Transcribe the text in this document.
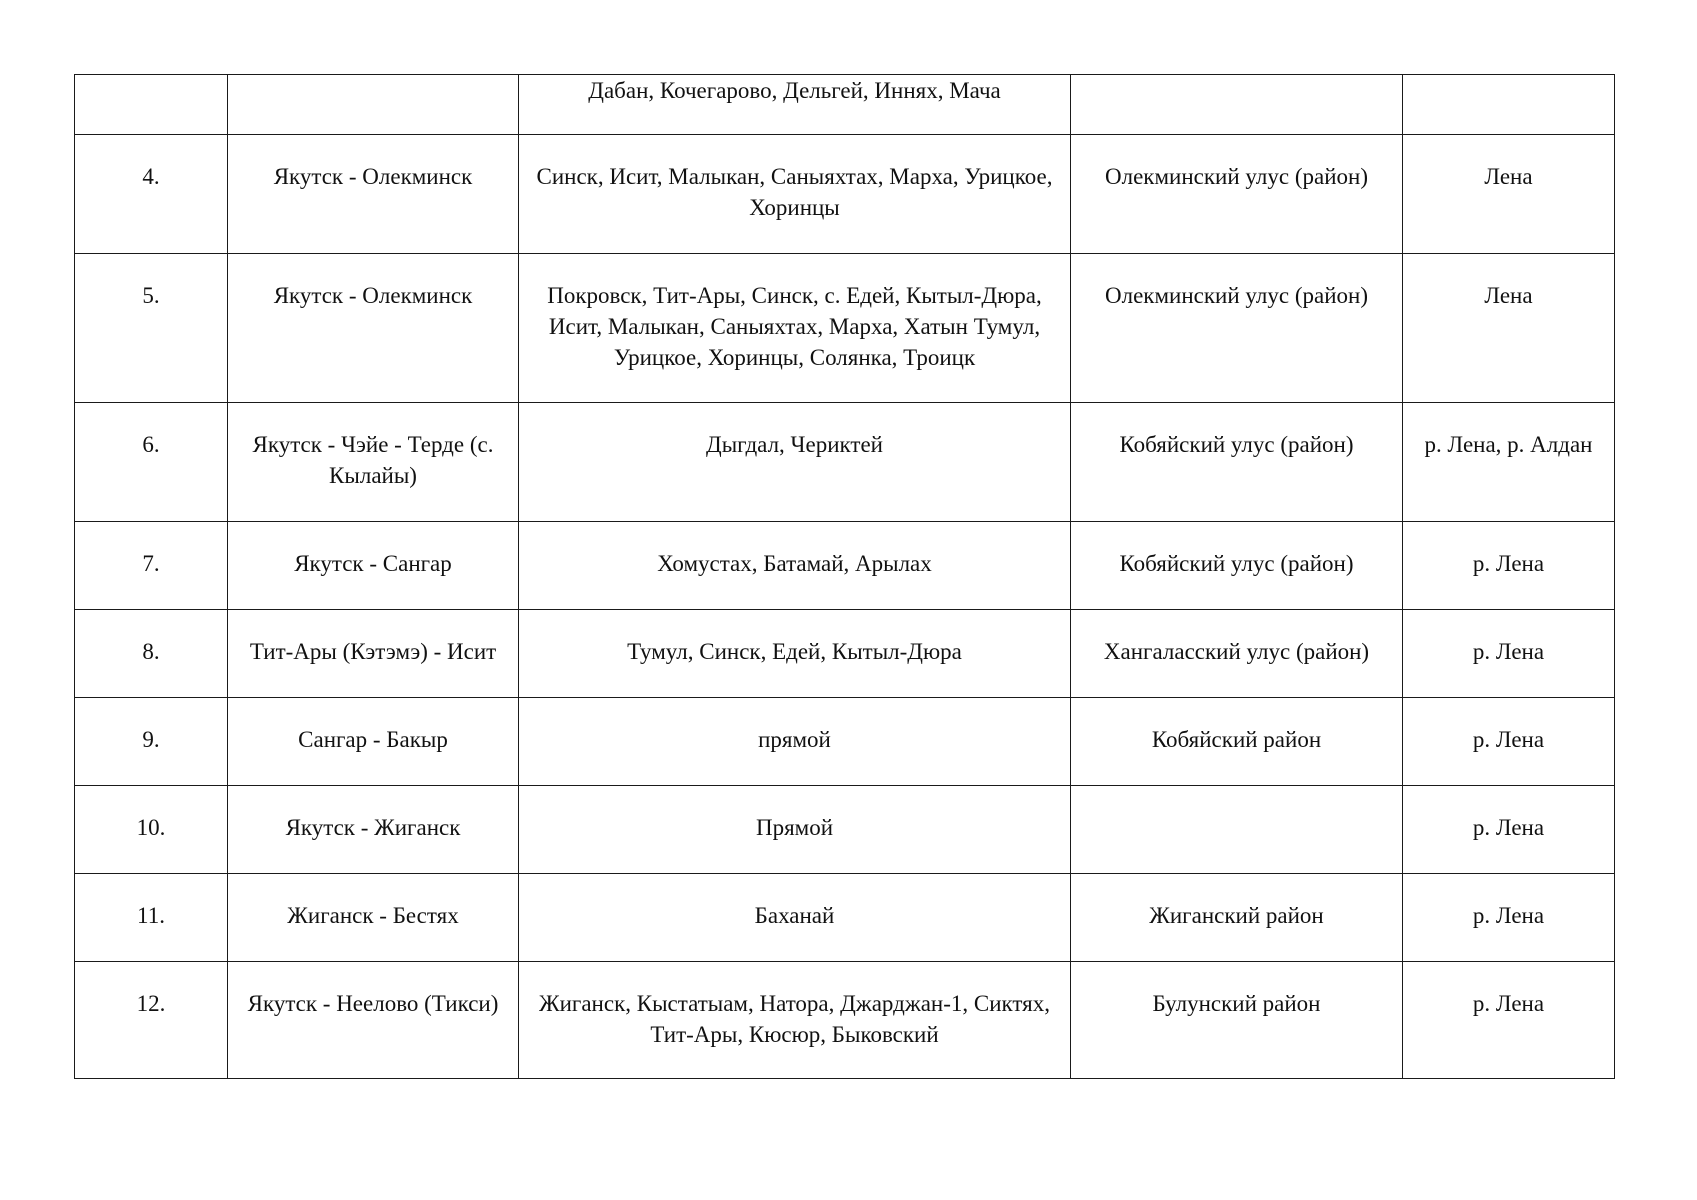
		Дабан, Кочегарово, Дельгей, Иннях, Мача		
4.	Якутск - Олекминск	Синск, Исит, Малыкан, Саныяхтах, Марха, Урицкое, Хоринцы	Олекминский улус (район)	Лена
5.	Якутск - Олекминск	Покровск, Тит-Ары, Синск, с. Едей, Кытыл-Дюра, Исит, Малыкан, Саныяхтах, Марха, Хатын Тумул, Урицкое, Хоринцы, Солянка, Троицк	Олекминский улус (район)	Лена
6.	Якутск - Чэйе - Терде (с. Кылайы)	Дыгдал, Чериктей	Кобяйский улус (район)	р. Лена, р. Алдан
7.	Якутск - Сангар	Хомустах, Батамай, Арылах	Кобяйский улус (район)	р. Лена
8.	Тит-Ары (Кэтэмэ) - Исит	Тумул, Синск, Едей, Кытыл-Дюра	Хангаласский улус (район)	р. Лена
9.	Сангар - Бакыр	прямой	Кобяйский район	р. Лена
10.	Якутск - Жиганск	Прямой		р. Лена
11.	Жиганск - Бестях	Баханай	Жиганский район	р. Лена
12.	Якутск - Неелово (Тикси)	Жиганск, Кыстатыам, Натора, Джарджан-1, Сиктях, Тит-Ары, Кюсюр, Быковский	Булунский район	р. Лена
